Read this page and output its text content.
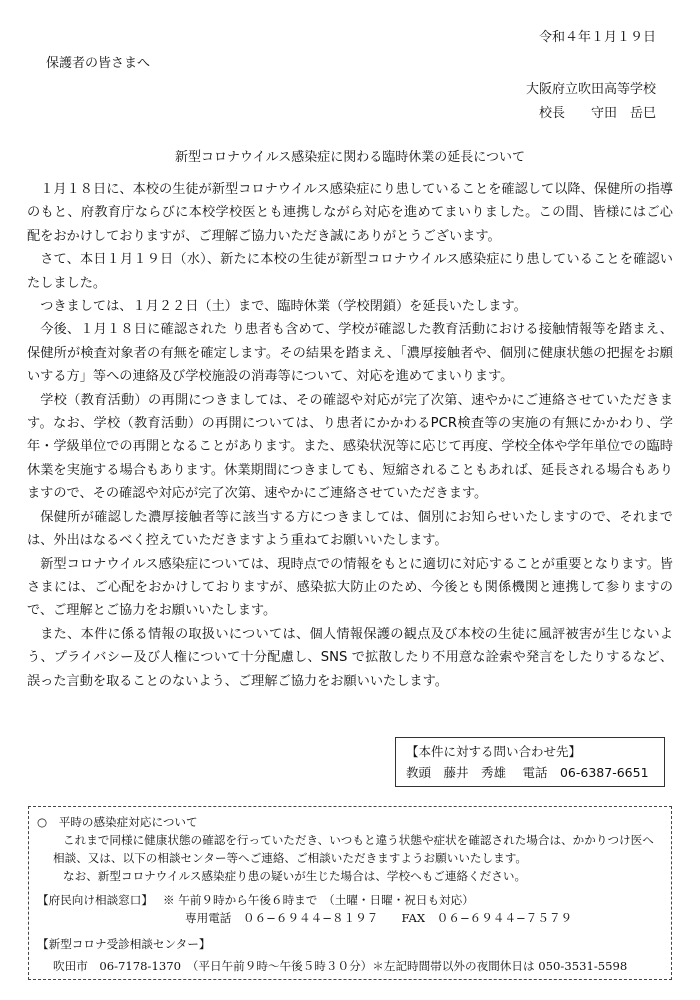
令和４年１月１９日
保護者の皆さまへ
大阪府立吹田高等学校
校長　　守田　岳巳
新型コロナウイルス感染症に関わる臨時休業の延長について

１月１８日に、本校の生徒が新型コロナウイルス感染症にり患していることを確認して以降、保健所の指導のもと、府教育庁ならびに本校学校医とも連携しながら対応を進めてまいりました。この間、皆様にはご心配をおかけしておりますが、ご理解ご協力いただき誠にありがとうございます。

さて、本日１月１９日（水）、新たに本校の生徒が新型コロナウイルス感染症にり患していることを確認いたしました。

つきましては、１月２２日（土）まで、臨時休業（学校閉鎖）を延長いたします。

今後、１月１８日に確認された り患者も含めて、学校が確認した教育活動における接触情報等を踏まえ、保健所が検査対象者の有無を確定します。その結果を踏まえ、「濃厚接触者や、個別に健康状態の把握をお願いする方」等への連絡及び学校施設の消毒等について、対応を進めてまいります。

学校（教育活動）の再開につきましては、その確認や対応が完了次第、速やかにご連絡させていただきます。なお、学校（教育活動）の再開については、り患者にかかわるPCR検査等の実施の有無にかかわり、学年・学級単位での再開となることがあります。また、感染状況等に応じて再度、学校全体や学年単位での臨時休業を実施する場合もあります。休業期間につきましても、短縮されることもあれば、延長される場合もありますので、その確認や対応が完了次第、速やかにご連絡させていただきます。

保健所が確認した濃厚接触者等に該当する方につきましては、個別にお知らせいたしますので、それまでは、外出はなるべく控えていただきますよう重ねてお願いいたします。

新型コロナウイルス感染症については、現時点での情報をもとに適切に対応することが重要となります。皆さまには、ご心配をおかけしておりますが、感染拡大防止のため、今後とも関係機関と連携して参りますので、ご理解とご協力をお願いいたします。

また、本件に係る情報の取扱いについては、個人情報保護の観点及び本校の生徒に風評被害が生じないよう、プライバシー及び人権について十分配慮し、SNS で拡散したり不用意な詮索や発言をしたりするなど、誤った言動を取ることのないよう、ご理解ご協力をお願いいたします。

【本件に対する問い合わせ先】
教頭　藤井　秀雄　 電話　06-6387-6651
○　平時の感染症対応について
これまで同様に健康状態の確認を行っていただき、いつもと違う状態や症状を確認された場合は、かかりつけ医へ
相談、又は、以下の相談センター等へご連絡、ご相談いただきますようお願いいたします。
なお、新型コロナウイルス感染症り患の疑いが生じた場合は、学校へもご連絡ください。
【府民向け相談窓口】 ※ 午前９時から午後６時まで　（土曜・日曜・祝日も対応）
専用電話　０６−６９４４−８１９７　　FAX　０６−６９４４−７５７９
【新型コロナ受診相談センター】
吹田市　06-7178-1370　（平日午前９時～午後５時３０分）＊左記時間帯以外の夜間休日は 050-3531-5598
